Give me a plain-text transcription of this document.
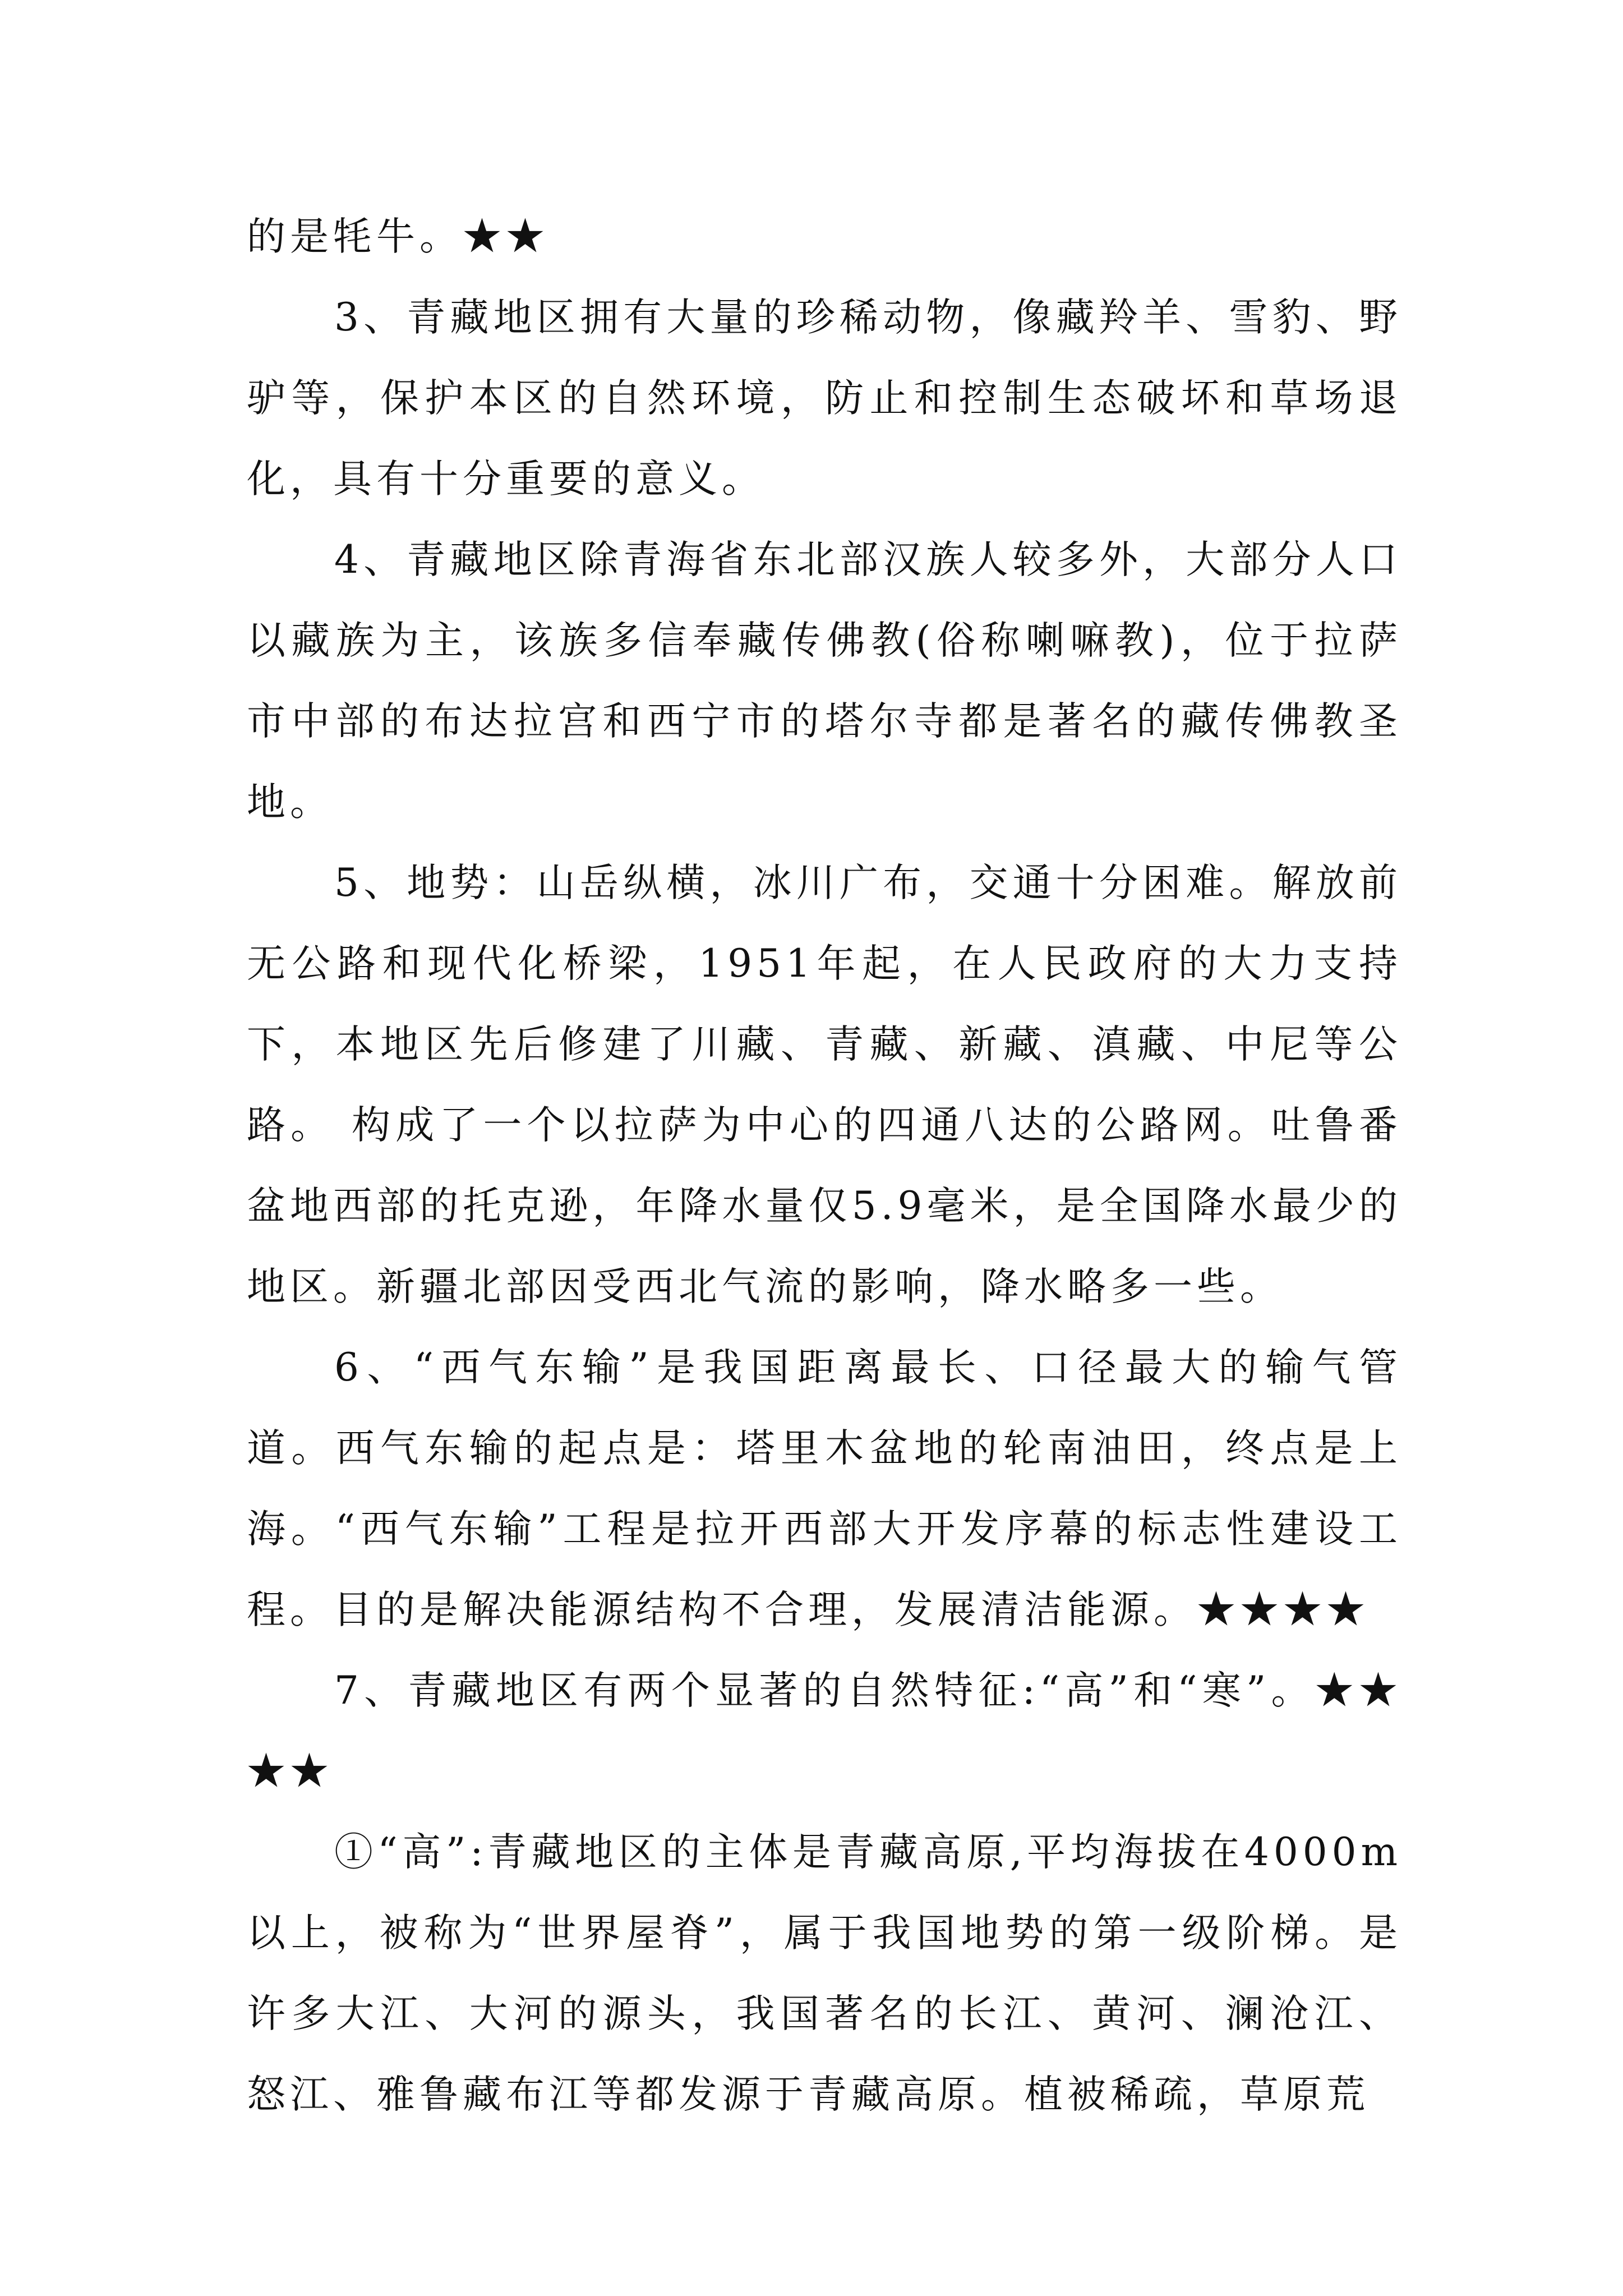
的是牦牛。★★

3、青藏地区拥有大量的珍稀动物，像藏羚羊、雪豹、野驴等，保护本区的自然环境，防止和控制生态破坏和草场退化，具有十分重要的意义。

4、青藏地区除青海省东北部汉族人较多外，大部分人口以藏族为主，该族多信奉藏传佛教(俗称喇嘛教)，位于拉萨市中部的布达拉宫和西宁市的塔尔寺都是著名的藏传佛教圣地。

5、地势：山岳纵横，冰川广布，交通十分困难。解放前无公路和现代化桥梁，1951年起，在人民政府的大力支持下，本地区先后修建了川藏、青藏、新藏、滇藏、中尼等公路。 构成了一个以拉萨为中心的四通八达的公路网。吐鲁番盆地西部的托克逊，年降水量仅5.9毫米，是全国降水最少的地区。新疆北部因受西北气流的影响，降水略多一些。

6、“西气东输”是我国距离最长、口径最大的输气管道。西气东输的起点是：塔里木盆地的轮南油田，终点是上海。“西气东输”工程是拉开西部大开发序幕的标志性建设工程。目的是解决能源结构不合理，发展清洁能源。★★★★

7、青藏地区有两个显著的自然特征:“高”和“寒”。★★★★

①“高”:青藏地区的主体是青藏高原,平均海拔在4000m以上，被称为“世界屋脊”，属于我国地势的第一级阶梯。是许多大江、大河的源头，我国著名的长江、黄河、澜沧江、怒江、雅鲁藏布江等都发源于青藏高原。植被稀疏，草原荒
